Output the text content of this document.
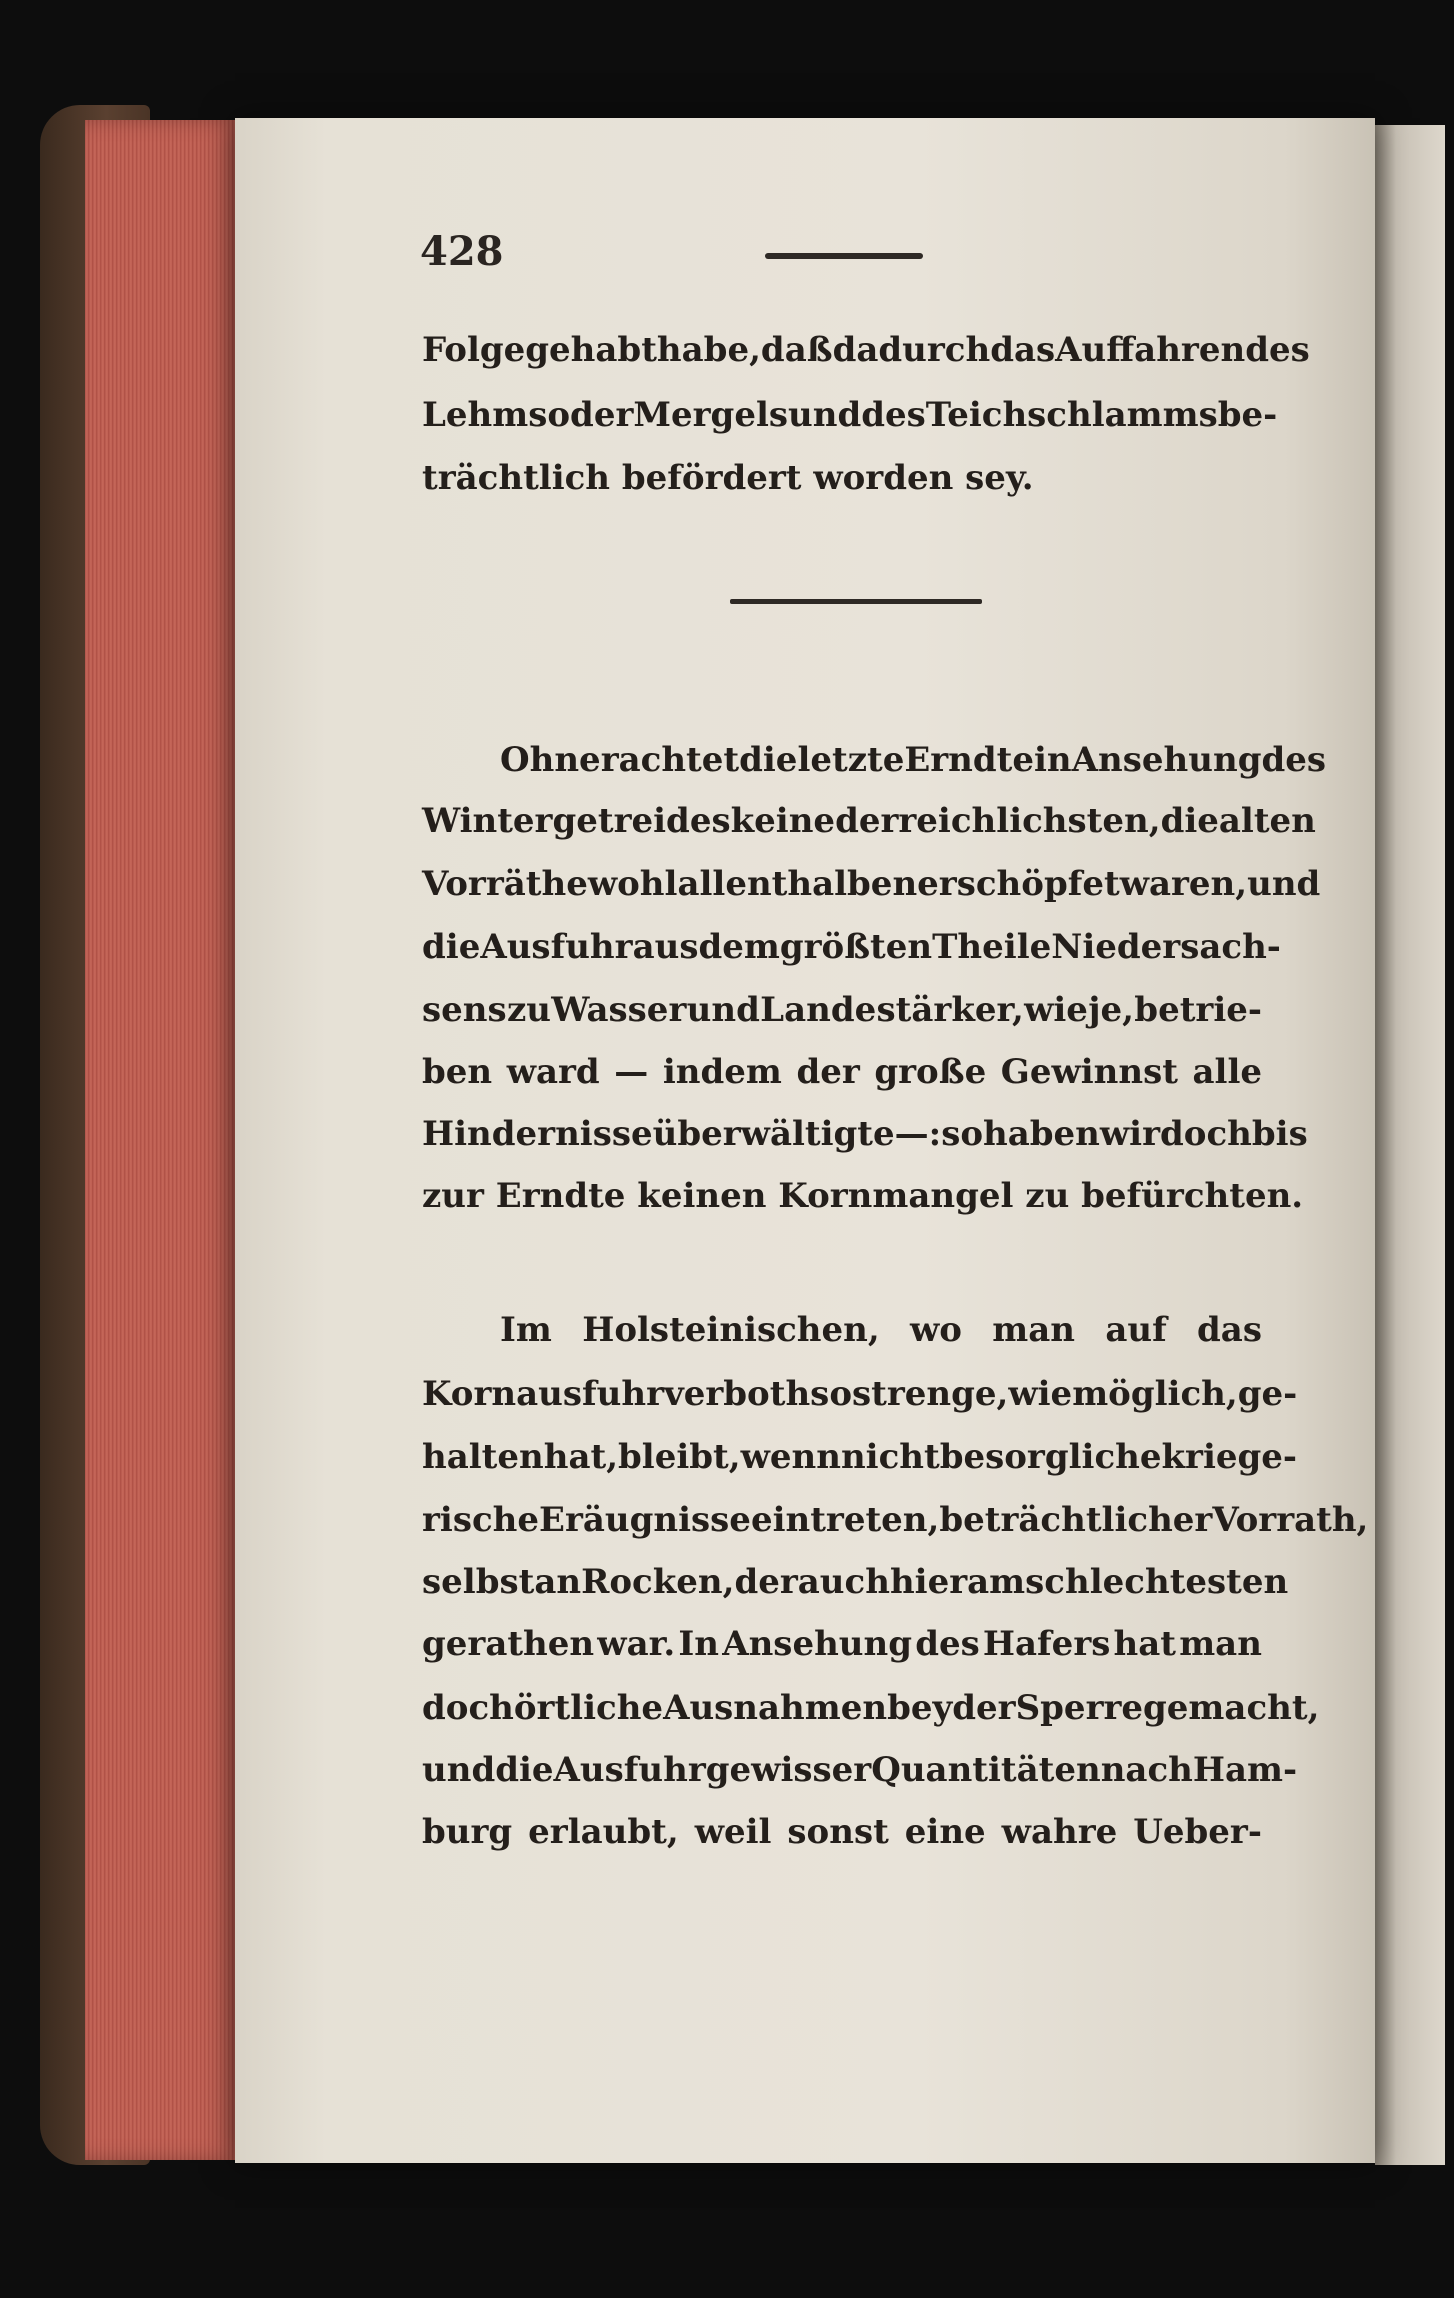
428
Folge gehabt habe, daß dadurch das Auffahren des
Lehms oder Mergels und des Teichschlamms be-
trächtlich befördert worden sey.
Ohnerachtet die letzte Erndte in Ansehung des
Wintergetreides keine der reichlichsten, die alten
Vorräthe wohl allenthalben erschöpfet waren, und
die Ausfuhr aus dem größten Theile Niedersach-
sens zu Wasser und Lande stärker, wie je, betrie-
ben ward — indem der große Gewinnst alle
Hindernisse überwältigte —: so haben wir doch bis
zur Erndte keinen Kornmangel zu befürchten.
Im Holsteinischen, wo man auf das
Kornausfuhrverboth so strenge, wie möglich, ge-
halten hat, bleibt, wenn nicht besorgliche kriege-
rische Eräugnisse eintreten, beträchtlicher Vorrath,
selbst an Rocken, der auch hier am schlechtesten
gerathen war. In Ansehung des Hafers hat man
doch örtliche Ausnahmen bey der Sperre gemacht,
und die Ausfuhr gewisser Quantitäten nach Ham-
burg erlaubt, weil sonst eine wahre Ueber-
